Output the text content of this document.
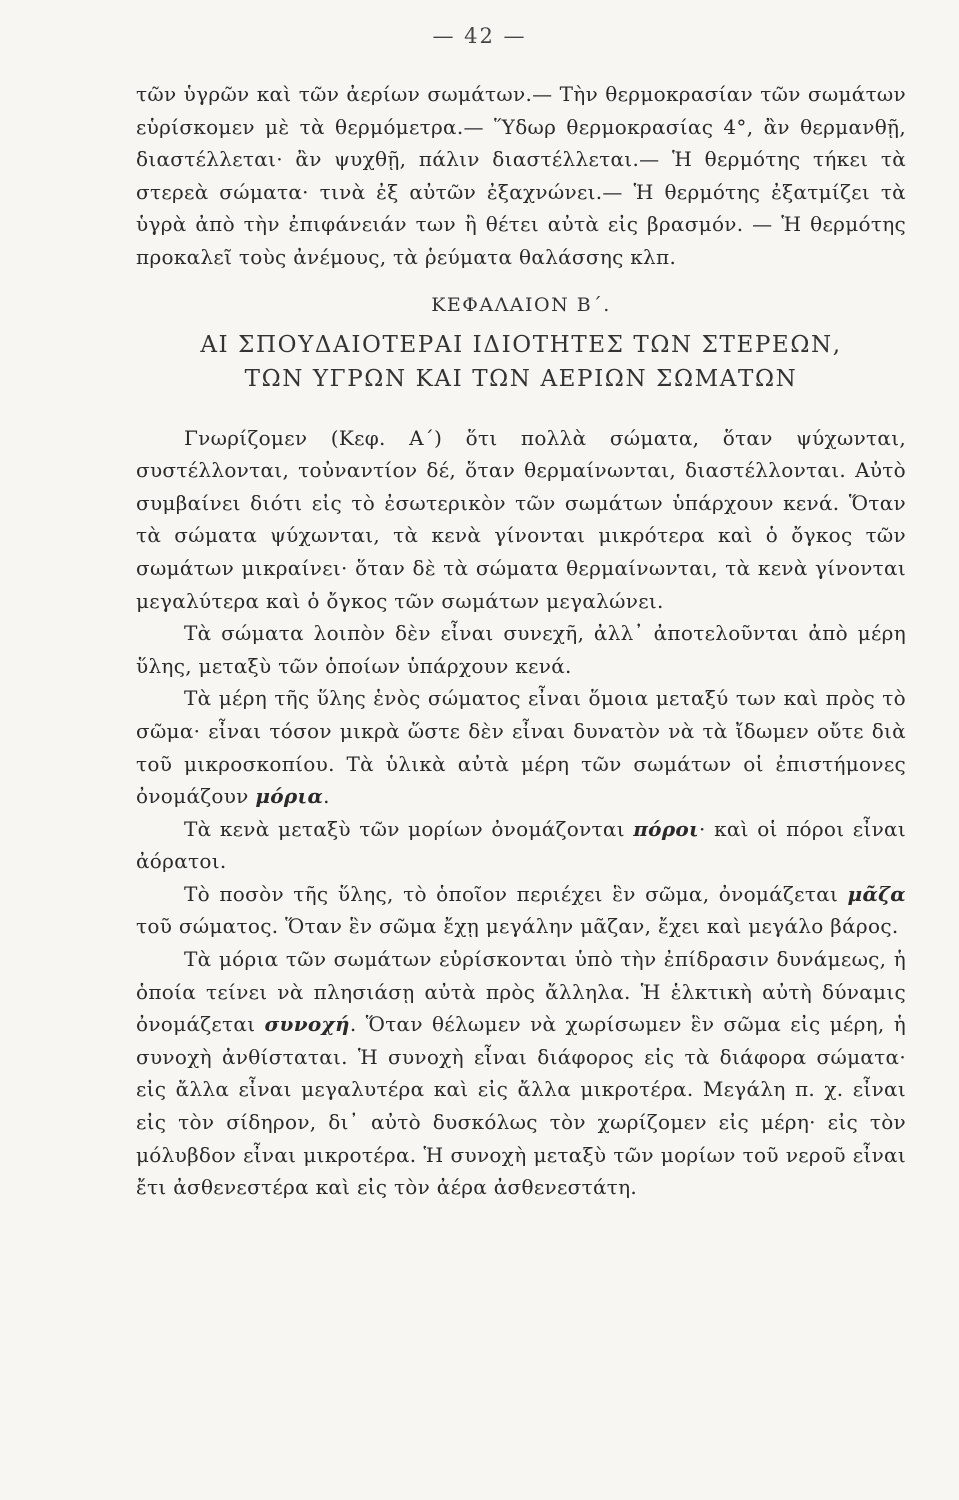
— 42 —

τῶν ὑγρῶν καὶ τῶν ἀερίων σωμάτων.— Τὴν θερμοκρασίαν τῶν σωμάτων εὑρίσκομεν μὲ τὰ θερμόμετρα.— Ὕδωρ θερμοκρασίας 4°, ἂν θερμανθῇ, διαστέλλεται· ἂν ψυχθῇ, πάλιν διαστέλλεται.— Ἡ θερμότης τήκει τὰ στερεὰ σώματα· τινὰ ἐξ αὐτῶν ἐξαχνώνει.— Ἡ θερμότης ἐξατμίζει τὰ ὑγρὰ ἀπὸ τὴν ἐπιφάνειάν των ἢ θέτει αὐτὰ εἰς βρασμόν. — Ἡ θερμότης προκαλεῖ τοὺς ἀνέμους, τὰ ῥεύματα θαλάσσης κλπ.

ΚΕΦΑΛΑΙΟΝ Β΄.
ΑΙ ΣΠΟΥΔΑΙΟΤΕΡΑΙ ΙΔΙΟΤΗΤΕΣ ΤΩΝ ΣΤΕΡΕΩΝ,
ΤΩΝ ΥΓΡΩΝ ΚΑΙ ΤΩΝ ΑΕΡΙΩΝ ΣΩΜΑΤΩΝ

Γνωρίζομεν (Κεφ. Α΄) ὅτι πολλὰ σώματα, ὅταν ψύχωνται, συστέλλονται, τοὐναντίον δέ, ὅταν θερμαίνωνται, διαστέλλονται. Αὐτὸ συμβαίνει διότι εἰς τὸ ἐσωτερικὸν τῶν σωμάτων ὑπάρχουν κενά. Ὅταν τὰ σώματα ψύχωνται, τὰ κενὰ γίνονται μικρότερα καὶ ὁ ὄγκος τῶν σωμάτων μικραίνει· ὅταν δὲ τὰ σώματα θερμαίνωνται, τὰ κενὰ γίνονται μεγαλύτερα καὶ ὁ ὄγκος τῶν σωμάτων μεγαλώνει.

Τὰ σώματα λοιπὸν δὲν εἶναι συνεχῆ, ἀλλ᾿ ἀποτελοῦνται ἀπὸ μέρη ὕλης, μεταξὺ τῶν ὁποίων ὑπάρχουν κενά.

Τὰ μέρη τῆς ὕλης ἑνὸς σώματος εἶναι ὅμοια μεταξύ των καὶ πρὸς τὸ σῶμα· εἶναι τόσον μικρὰ ὥστε δὲν εἶναι δυνατὸν νὰ τὰ ἴδωμεν οὔτε διὰ τοῦ μικροσκοπίου. Τὰ ὑλικὰ αὐτὰ μέρη τῶν σωμάτων οἱ ἐπιστήμονες ὀνομάζουν μόρια.

Τὰ κενὰ μεταξὺ τῶν μορίων ὀνομάζονται πόροι· καὶ οἱ πόροι εἶναι ἀόρατοι.

Τὸ ποσὸν τῆς ὕλης, τὸ ὁποῖον περιέχει ἓν σῶμα, ὀνομάζεται μᾶζα τοῦ σώματος. Ὅταν ἓν σῶμα ἔχῃ μεγάλην μᾶζαν, ἔχει καὶ μεγάλο βάρος.

Τὰ μόρια τῶν σωμάτων εὑρίσκονται ὑπὸ τὴν ἐπίδρασιν δυνάμεως, ἡ ὁποία τείνει νὰ πλησιάσῃ αὐτὰ πρὸς ἄλληλα. Ἡ ἑλκτικὴ αὐτὴ δύναμις ὀνομάζεται συνοχή. Ὅταν θέλωμεν νὰ χωρίσωμεν ἓν σῶμα εἰς μέρη, ἡ συνοχὴ ἀνθίσταται. Ἡ συνοχὴ εἶναι διάφορος εἰς τὰ διάφορα σώματα· εἰς ἄλλα εἶναι μεγαλυτέρα καὶ εἰς ἄλλα μικροτέρα. Μεγάλη π. χ. εἶναι εἰς τὸν σίδηρον, δι᾿ αὐτὸ δυσκόλως τὸν χωρίζομεν εἰς μέρη· εἰς τὸν μόλυβδον εἶναι μικροτέρα. Ἡ συνοχὴ μεταξὺ τῶν μορίων τοῦ νεροῦ εἶναι ἔτι ἀσθενεστέρα καὶ εἰς τὸν ἀέρα ἀσθενεστάτη.
